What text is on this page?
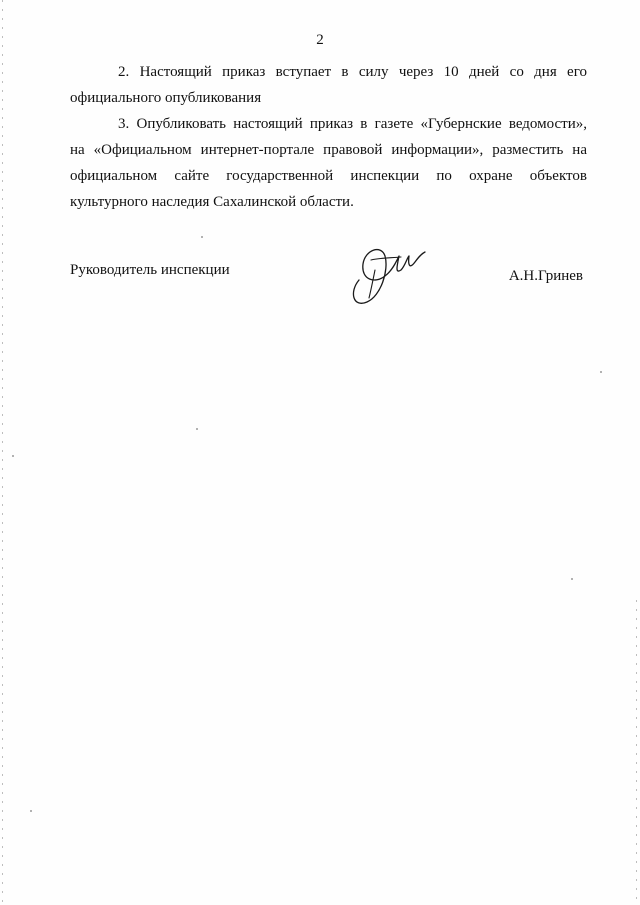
2
2. Настоящий приказ вступает в силу через 10 дней со дня его
официального опубликования
3. Опубликовать настоящий приказ в газете «Губернские ведомости»,
на «Официальном интернет-портале правовой информации», разместить на
официальном сайте государственной инспекции по охране объектов
культурного наследия Сахалинской области.
Руководитель инспекции	А.Н.Гринев
